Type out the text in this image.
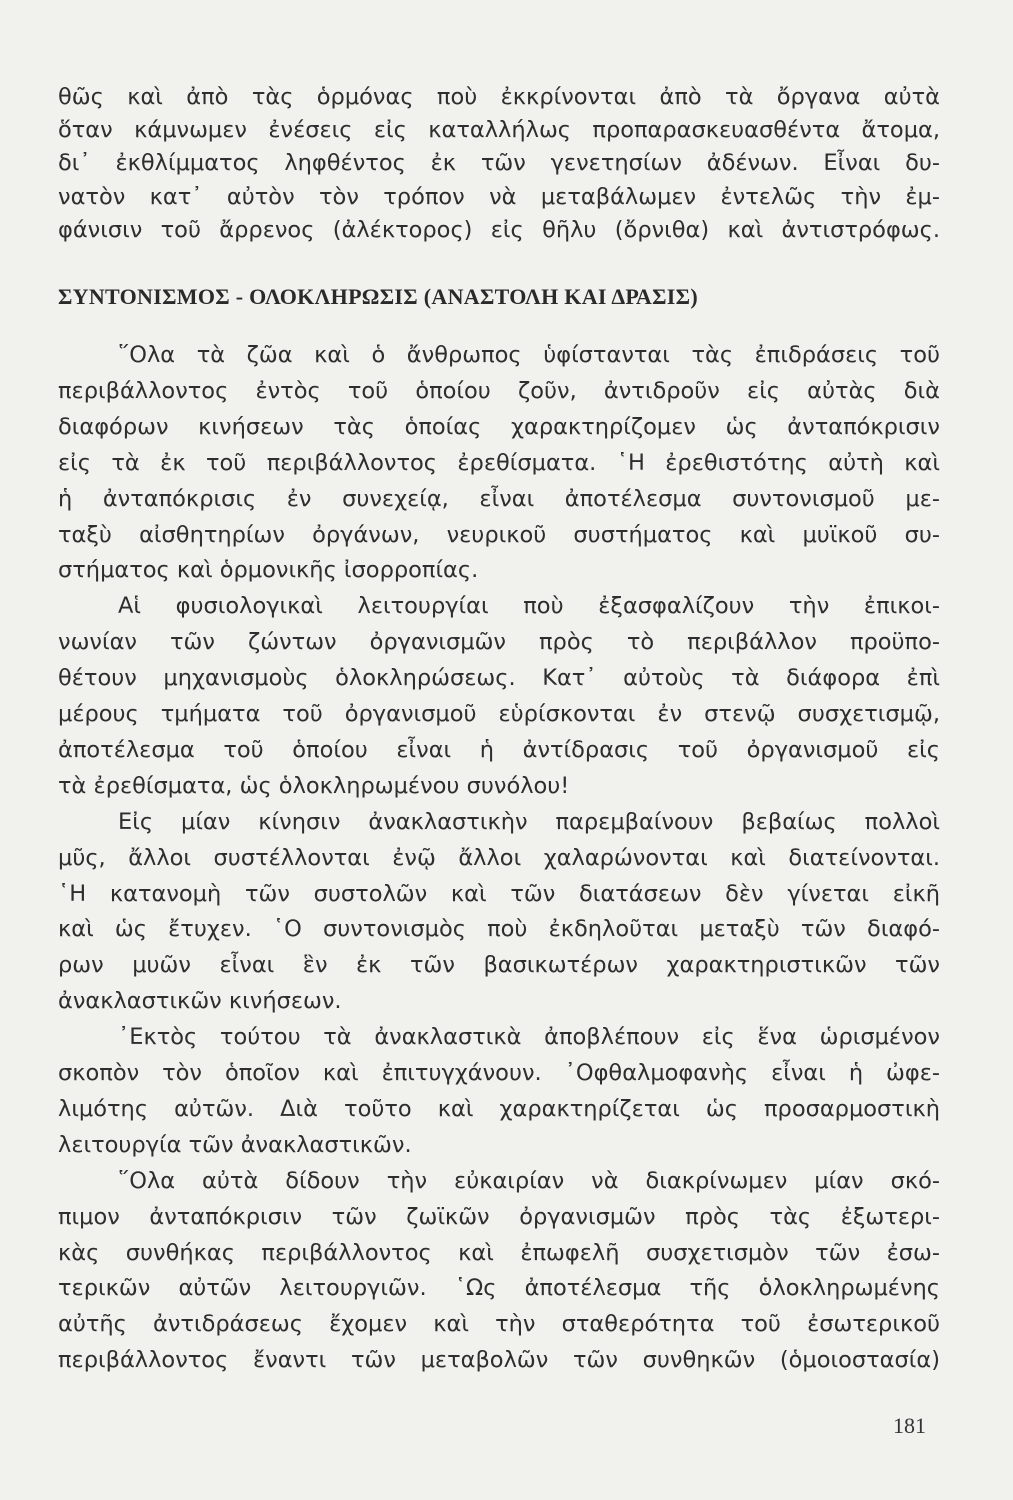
θῶς καὶ ἀπὸ τὰς ὁρμόνας ποὺ ἐκκρίνονται ἀπὸ τὰ ὄργανα αὐτὰ
ὅταν κάμνωμεν ἐνέσεις εἰς καταλλήλως προπαρασκευασθέντα ἄτομα,
δι᾽ ἐκθλίμματος ληφθέντος ἐκ τῶν γενετησίων ἀδένων. Εἶναι δυ-
νατὸν κατ᾽ αὐτὸν τὸν τρόπον νὰ μεταβάλωμεν ἐντελῶς τὴν ἐμ-
φάνισιν τοῦ ἄρρενος (ἀλέκτορος) εἰς θῆλυ (ὄρνιθα) καὶ ἀντιστρόφως.
ΣΥΝΤΟΝΙΣΜΟΣ - ΟΛΟΚΛΗΡΩΣΙΣ (ΑΝΑΣΤΟΛΗ ΚΑΙ ΔΡΑΣΙΣ)
῞Ολα τὰ ζῶα καὶ ὁ ἄνθρωπος ὑφίστανται τὰς ἐπιδράσεις τοῦ
περιβάλλοντος ἐντὸς τοῦ ὁποίου ζοῦν, ἀντιδροῦν εἰς αὐτὰς διὰ
διαφόρων κινήσεων τὰς ὁποίας χαρακτηρίζομεν ὡς ἀνταπόκρισιν
εἰς τὰ ἐκ τοῦ περιβάλλοντος ἐρεθίσματα. ῾Η ἐρεθιστότης αὐτὴ καὶ
ἡ ἀνταπόκρισις ἐν συνεχείᾳ, εἶναι ἀποτέλεσμα συντονισμοῦ με-
ταξὺ αἰσθητηρίων ὀργάνων, νευρικοῦ συστήματος καὶ μυϊκοῦ συ-
στήματος καὶ ὁρμονικῆς ἰσορροπίας.
Αἱ φυσιολογικαὶ λειτουργίαι ποὺ ἐξασφαλίζουν τὴν ἐπικοι-
νωνίαν τῶν ζώντων ὀργανισμῶν πρὸς τὸ περιβάλλον προϋπο-
θέτουν μηχανισμοὺς ὁλοκληρώσεως. Κατ᾽ αὐτοὺς τὰ διάφορα ἐπὶ
μέρους τμήματα τοῦ ὀργανισμοῦ εὑρίσκονται ἐν στενῷ συσχετισμῷ,
ἀποτέλεσμα τοῦ ὁποίου εἶναι ἡ ἀντίδρασις τοῦ ὀργανισμοῦ εἰς
τὰ ἐρεθίσματα, ὡς ὁλοκληρωμένου συνόλου!
Εἰς μίαν κίνησιν ἀνακλαστικὴν παρεμβαίνουν βεβαίως πολλοὶ
μῦς, ἄλλοι συστέλλονται ἐνῷ ἄλλοι χαλαρώνονται καὶ διατείνονται.
῾Η κατανομὴ τῶν συστολῶν καὶ τῶν διατάσεων δὲν γίνεται εἰκῆ
καὶ ὡς ἔτυχεν. ῾Ο συντονισμὸς ποὺ ἐκδηλοῦται μεταξὺ τῶν διαφό-
ρων μυῶν εἶναι ἓν ἐκ τῶν βασικωτέρων χαρακτηριστικῶν τῶν
ἀνακλαστικῶν κινήσεων.
᾽Εκτὸς τούτου τὰ ἀνακλαστικὰ ἀποβλέπουν εἰς ἕνα ὡρισμένον
σκοπὸν τὸν ὁποῖον καὶ ἐπιτυγχάνουν. ᾽Οφθαλμοφανὴς εἶναι ἡ ὠφε-
λιμότης αὐτῶν. Διὰ τοῦτο καὶ χαρακτηρίζεται ὡς προσαρμοστικὴ
λειτουργία τῶν ἀνακλαστικῶν.
῞Ολα αὐτὰ δίδουν τὴν εὐκαιρίαν νὰ διακρίνωμεν μίαν σκό-
πιμον ἀνταπόκρισιν τῶν ζωϊκῶν ὀργανισμῶν πρὸς τὰς ἐξωτερι-
κὰς συνθήκας περιβάλλοντος καὶ ἐπωφελῆ συσχετισμὸν τῶν ἐσω-
τερικῶν αὐτῶν λειτουργιῶν. ῾Ως ἀποτέλεσμα τῆς ὁλοκληρωμένης
αὐτῆς ἀντιδράσεως ἔχομεν καὶ τὴν σταθερότητα τοῦ ἐσωτερικοῦ
περιβάλλοντος ἔναντι τῶν μεταβολῶν τῶν συνθηκῶν (ὁμοιοστασία)
181
